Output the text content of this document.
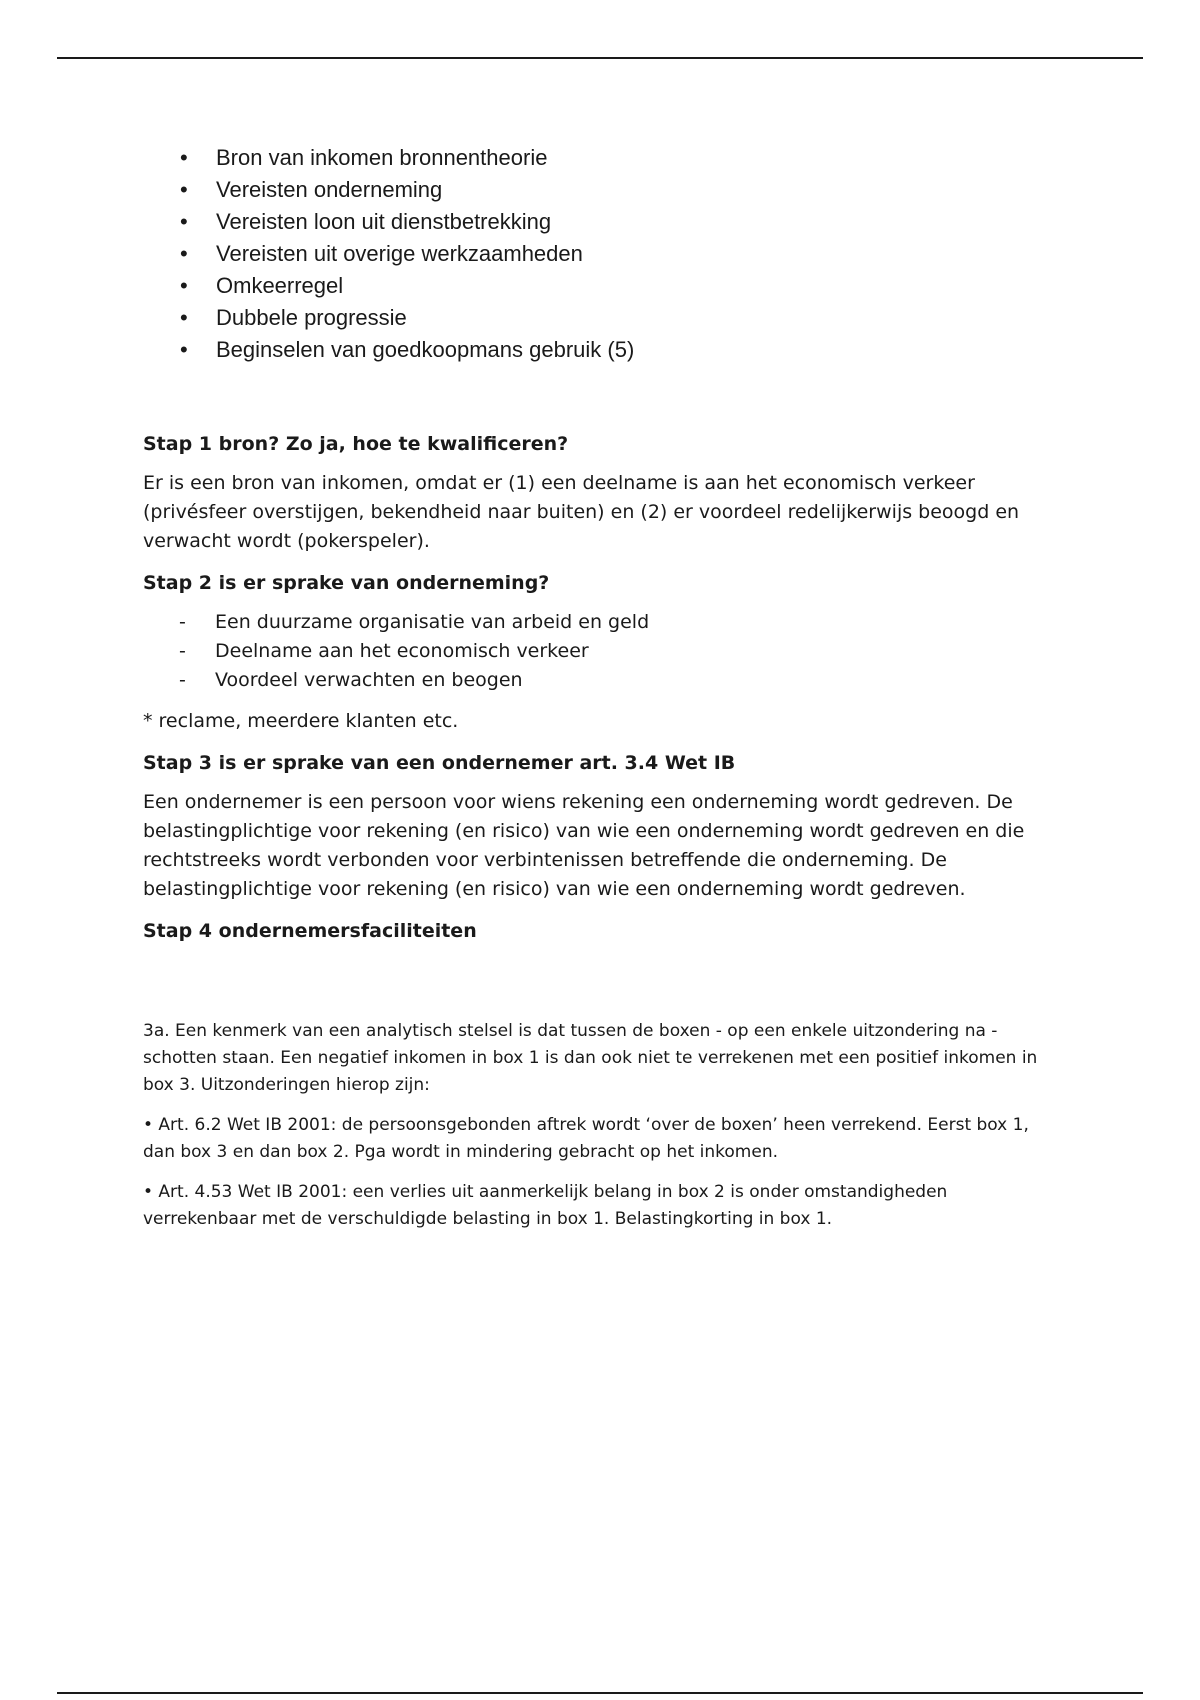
• Bron van inkomen bronnentheorie
• Vereisten onderneming
• Vereisten loon uit dienstbetrekking
• Vereisten uit overige werkzaamheden
• Omkeerregel
• Dubbele progressie
• Beginselen van goedkoopmans gebruik (5)
Stap 1 bron? Zo ja, hoe te kwalificeren?

Er is een bron van inkomen, omdat er (1) een deelname is aan het economisch verkeer (privésfeer overstijgen, bekendheid naar buiten) en (2) er voordeel redelijkerwijs beoogd en verwacht wordt (pokerspeler).

Stap 2 is er sprake van onderneming?
- Een duurzame organisatie van arbeid en geld
- Deelname aan het economisch verkeer
- Voordeel verwachten en beogen

* reclame, meerdere klanten etc.

Stap 3 is er sprake van een ondernemer art. 3.4 Wet IB

Een ondernemer is een persoon voor wiens rekening een onderneming wordt gedreven. De belastingplichtige voor rekening (en risico) van wie een onderneming wordt gedreven en die rechtstreeks wordt verbonden voor verbintenissen betreffende die onderneming. De belastingplichtige voor rekening (en risico) van wie een onderneming wordt gedreven.

Stap 4 ondernemersfaciliteiten

3a. Een kenmerk van een analytisch stelsel is dat tussen de boxen - op een enkele uitzondering na - schotten staan. Een negatief inkomen in box 1 is dan ook niet te verrekenen met een positief inkomen in box 3. Uitzonderingen hierop zijn:

• Art. 6.2 Wet IB 2001: de persoonsgebonden aftrek wordt ‘over de boxen’ heen verrekend. Eerst box 1, dan box 3 en dan box 2. Pga wordt in mindering gebracht op het inkomen.

• Art. 4.53 Wet IB 2001: een verlies uit aanmerkelijk belang in box 2 is onder omstandigheden verrekenbaar met de verschuldigde belasting in box 1. Belastingkorting in box 1.
